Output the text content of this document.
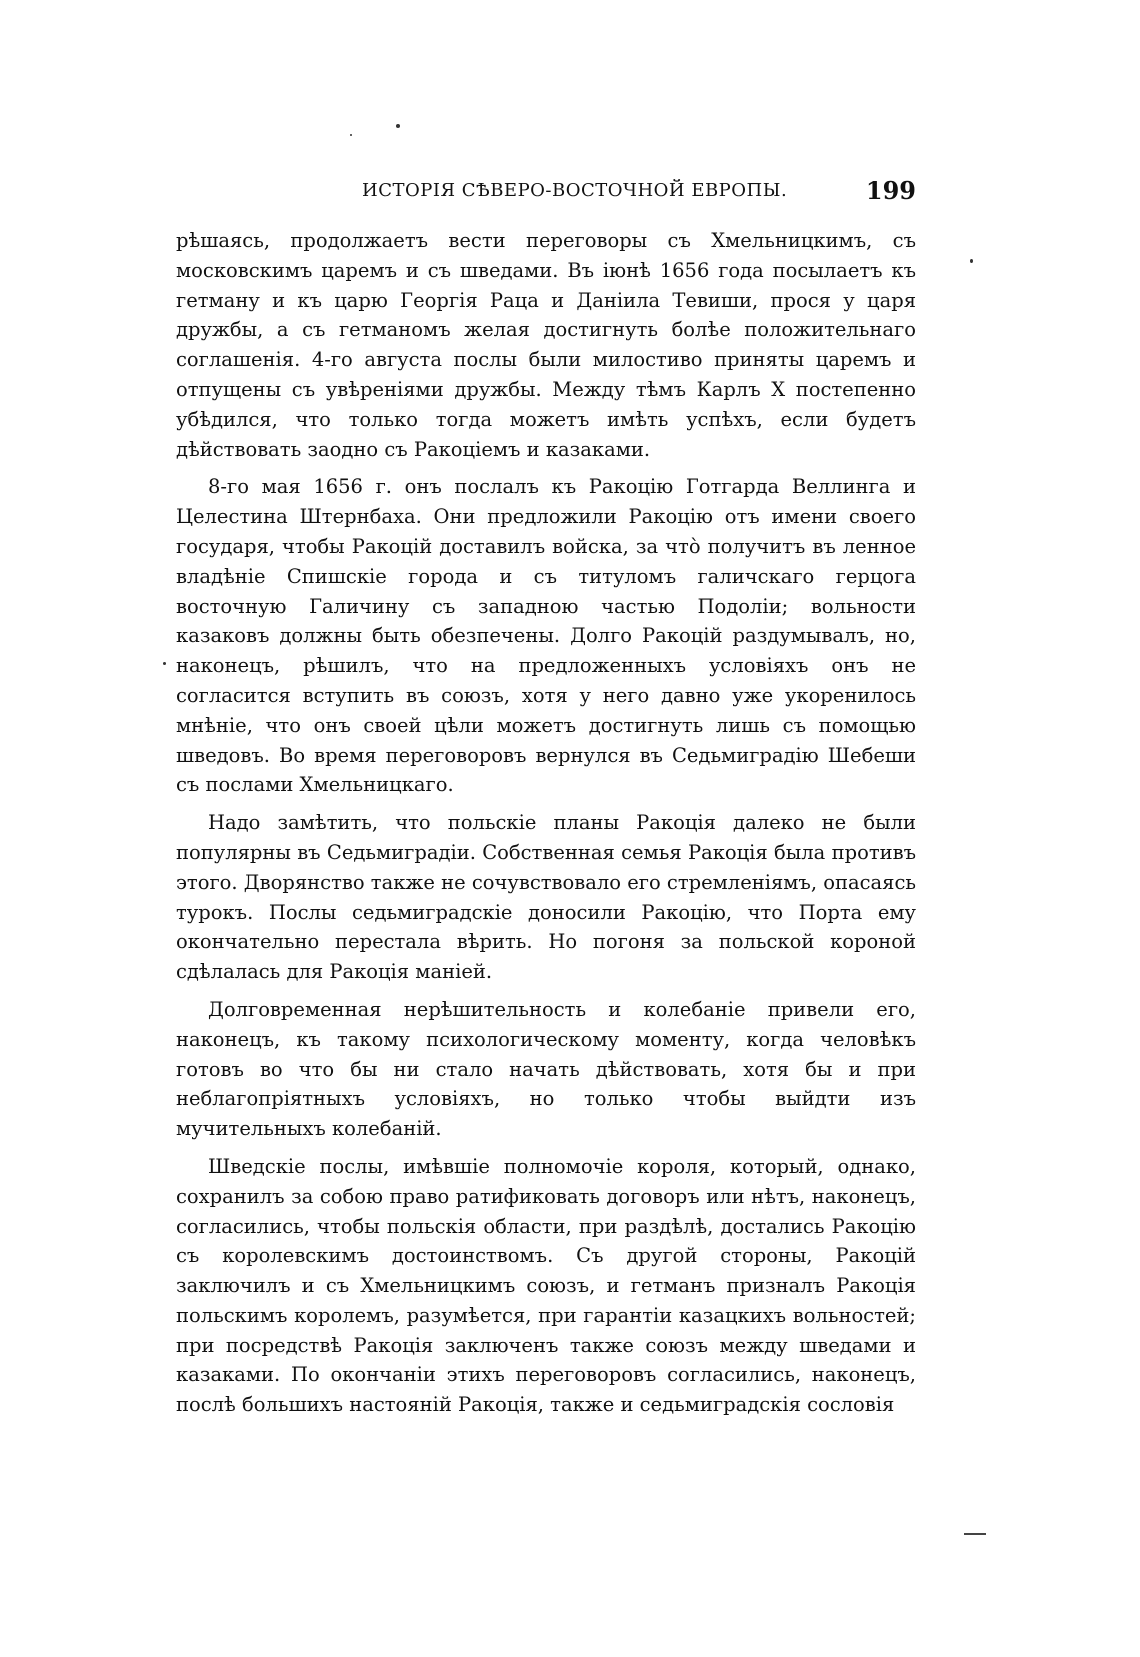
ИСТОРІЯ СѢВЕРО-ВОСТОЧНОЙ ЕВРОПЫ.	199

рѣшаясь, продолжаетъ вести переговоры съ Хмельницкимъ, съ московскимъ царемъ и съ шведами. Въ іюнѣ 1656 года посылаетъ къ гетману и къ царю Георгія Раца и Даніила Тевиши, прося у царя дружбы, а съ гетманомъ желая достигнуть болѣе положительнаго соглашенія. 4-го августа послы были милостиво приняты царемъ и отпущены съ увѣреніями дружбы. Между тѣмъ Карлъ X постепенно убѣдился, что только тогда можетъ имѣть успѣхъ, если будетъ дѣйствовать заодно съ Ракоціемъ и казаками.

8-го мая 1656 г. онъ послалъ къ Ракоцію Готгарда Веллинга и Целестина Штернбаха. Они предложили Ракоцію отъ имени своего государя, чтобы Ракоцій доставилъ войска, за что̀ получитъ въ ленное владѣніе Спишскіе города и съ титуломъ галичскаго герцога восточную Галичину съ западною частью Подоліи; вольности казаковъ должны быть обезпечены. Долго Ракоцій раздумывалъ, но, наконецъ, рѣшилъ, что на предложенныхъ условіяхъ онъ не согласится вступить въ союзъ, хотя у него давно уже укоренилось мнѣніе, что онъ своей цѣли можетъ достигнуть лишь съ помощью шведовъ. Во время переговоровъ вернулся въ Седьмиградію Шебеши съ послами Хмельницкаго.

Надо замѣтить, что польскіе планы Ракоція далеко не были популярны въ Седьмиградіи. Собственная семья Ракоція была противъ этого. Дворянство также не сочувствовало его стремленіямъ, опасаясь турокъ. Послы седьмиградскіе доносили Ракоцію, что Порта ему окончательно перестала вѣрить. Но погоня за польской короной сдѣлалась для Ракоція маніей.

Долговременная нерѣшительность и колебаніе привели его, наконецъ, къ такому психологическому моменту, когда человѣкъ готовъ во что бы ни стало начать дѣйствовать, хотя бы и при неблагопріятныхъ условіяхъ, но только чтобы выйдти изъ мучительныхъ колебаній.

Шведскіе послы, имѣвшіе полномочіе короля, который, однако, сохранилъ за собою право ратификовать договоръ или нѣтъ, наконецъ, согласились, чтобы польскія области, при раздѣлѣ, достались Ракоцію съ королевскимъ достоинствомъ. Съ другой стороны, Ракоцій заключилъ и съ Хмельницкимъ союзъ, и гетманъ призналъ Ракоція польскимъ королемъ, разумѣется, при гарантіи казацкихъ вольностей; при посредствѣ Ракоція заключенъ также союзъ между шведами и казаками. По окончаніи этихъ переговоровъ согласились, наконецъ, послѣ большихъ настояній Ракоція, также и седьмиградскія сословія
